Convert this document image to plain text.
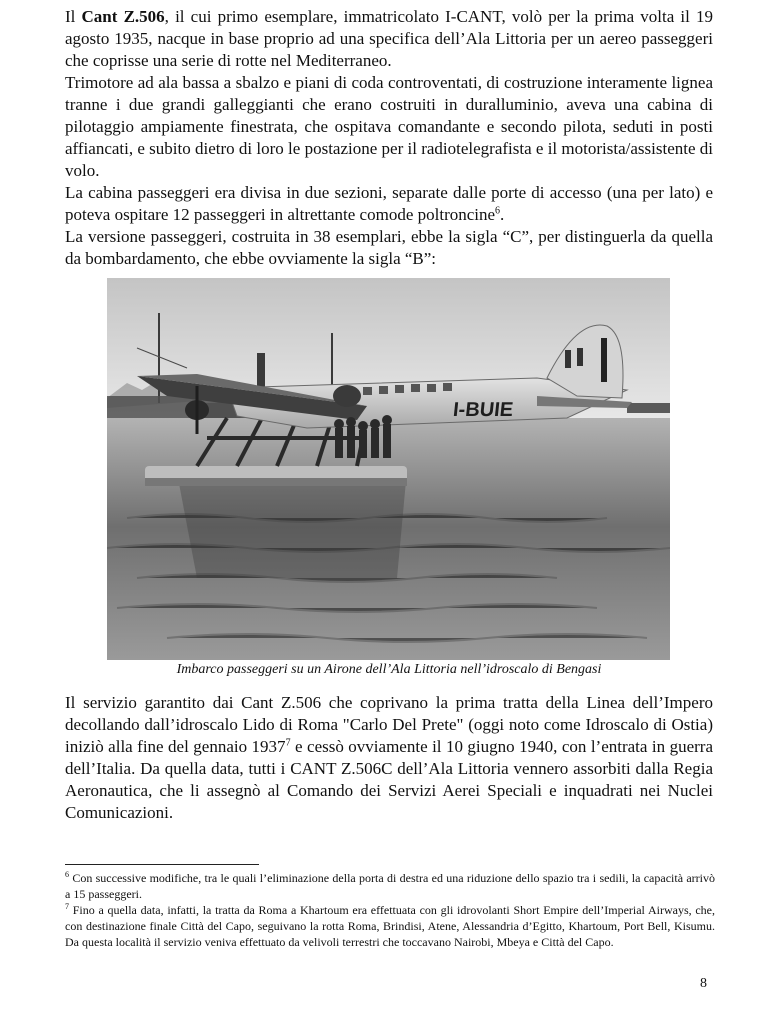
Il Cant Z.506, il cui primo esemplare, immatricolato I-CANT, volò per la prima volta il 19 agosto 1935, nacque in base proprio ad una specifica dell’Ala Littoria per un aereo passeggeri che coprisse una serie di rotte nel Mediterraneo.

Trimotore ad ala bassa a sbalzo e piani di coda controventati, di costruzione interamente lignea tranne i due grandi galleggianti che erano costruiti in duralluminio, aveva una cabina di pilotaggio ampiamente finestrata, che ospitava comandante e secondo pilota, seduti in posti affiancati, e subito dietro di loro le postazione per il radiotelegrafista e il motorista/assistente di volo.

La cabina passeggeri era divisa in due sezioni, separate dalle porte di accesso (una per lato) e poteva ospitare 12 passeggeri in altrettante comode poltroncine$^6$.

La versione passeggeri, costruita in 38 esemplari, ebbe la sigla “C”, per distinguerla da quella da bombardamento, che ebbe ovviamente la sigla “B”:

I-BUIE
Imbarco passeggeri su un Airone dell’Ala Littoria nell’idroscalo di Bengasi

Il servizio garantito dai Cant Z.506 che coprivano la prima tratta della Linea dell’Impero decollando dall’idroscalo Lido di Roma "Carlo Del Prete" (oggi noto come Idroscalo di Ostia) iniziò alla fine del gennaio 1937$^7$ e cessò ovviamente il 10 giugno 1940, con l’entrata in guerra dell’Italia. Da quella data, tutti i CANT Z.506C dell’Ala Littoria vennero assorbiti dalla Regia Aeronautica, che li assegnò al Comando dei Servizi Aerei Speciali e inquadrati nei Nuclei Comunicazioni.

$^6$ Con successive modifiche, tra le quali l’eliminazione della porta di destra ed una riduzione dello spazio tra i sedili, la capacità arrivò a 15 passeggeri.

$^7$ Fino a quella data, infatti, la tratta da Roma a Khartoum era effettuata con gli idrovolanti Short Empire dell’Imperial Airways, che, con destinazione finale Città del Capo, seguivano la rotta Roma, Brindisi, Atene, Alessandria d’Egitto, Khartoum, Port Bell, Kisumu. Da questa località il servizio veniva effettuato da velivoli terrestri che toccavano Nairobi, Mbeya e Città del Capo.

8
